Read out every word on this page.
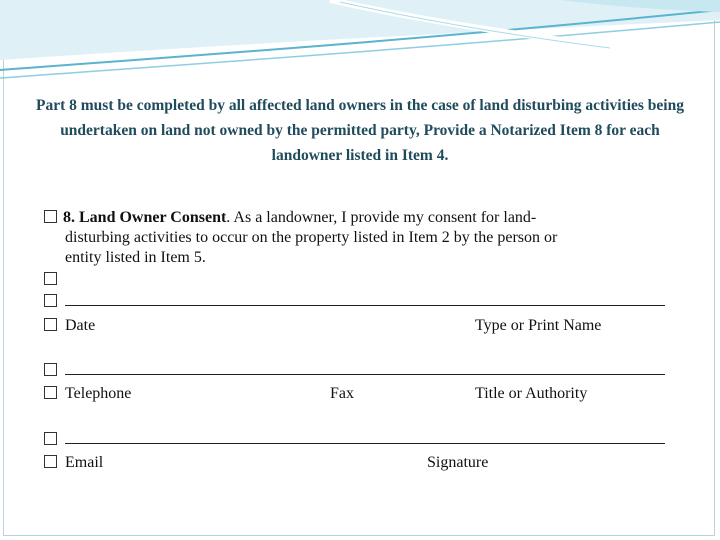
Part 8 must be completed by all affected land owners in the case of land disturbing activities being undertaken on land not owned by the permitted party, Provide a Notarized Item 8 for each landowner listed in Item 4.
8. Land Owner Consent. As a landowner, I provide my consent for land-
disturbing activities to occur on the property listed in Item 2 by the person or
entity listed in Item 5.
Date	Type or Print Name
Telephone	Fax	Title or Authority
Email	Signature
